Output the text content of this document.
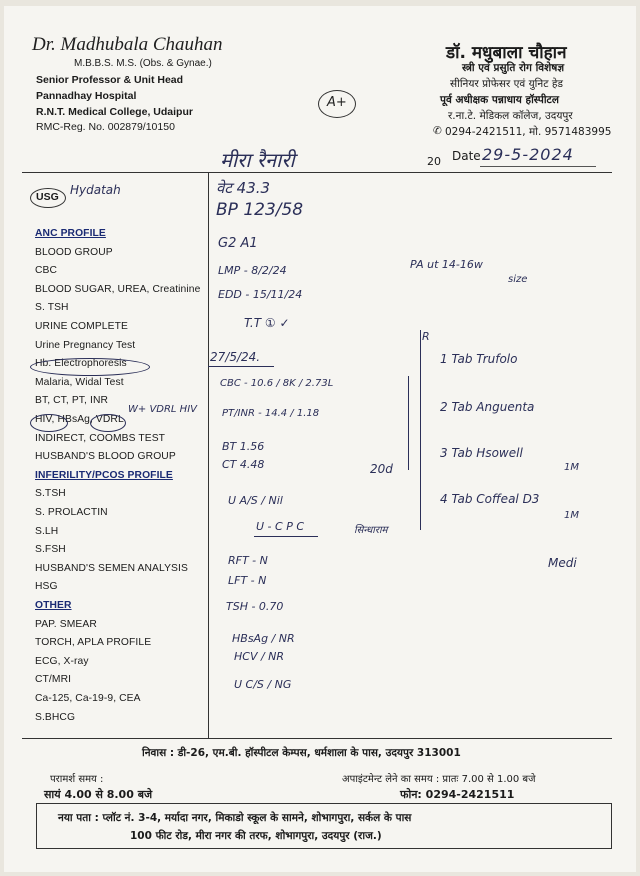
Dr. Madhubala Chauhan
M.B.B.S. M.S. (Obs. & Gynae.)
Senior Professor & Unit Head
Pannadhay Hospital
R.N.T. Medical College, Udaipur
RMC-Reg. No. 002879/10150
डॉ. मधुबाला चौहान
स्त्री एवं प्रसुति रोग विशेषज्ञ
सीनियर प्रोफेसर एवं युनिट हेड
पूर्व अधीक्षक पन्नाधाय हॉस्पीटल
र.ना.टे. मेडिकल कॉलेज, उदयपुर
✆ 0294-2421511, मो. 9571483995
A+
मीरा रैनारी	20 Date 29-5-2024
USG Hydatah
ANC PROFILE
BLOOD GROUP
CBC
BLOOD SUGAR, UREA, Creatinine
S. TSH
URINE COMPLETE
Urine Pregnancy Test
Hb. Electrophoresis
Malaria, Widal Test
BT, CT, PT, INR
HIV, HBsAg, VDRL
INDIRECT, COOMBS TEST
HUSBAND'S BLOOD GROUP
INFERILITY/PCOS PROFILE
S.TSH
S. PROLACTIN
S.LH
S.FSH
HUSBAND'S SEMEN ANALYSIS
HSG
OTHER
PAP. SMEAR
TORCH, APLA PROFILE
ECG, X-ray
CT/MRI
Ca-125, Ca-19-9, CEA
S.BHCG
W+ VDRL HIV
वेट 43.3
BP 123/58
G2 A1
LMP - 8/2/24
EDD - 15/11/24
T.T ① ✓
27/5/24.
CBC - 10.6 / 8K / 2.73L
PT/INR - 14.4 / 1.18
BT 1.56
CT 4.48
U A/S / Nil
U - C P C	सिन्धाराम
RFT - N
LFT - N
TSH - 0.70
HBsAg / NR
HCV / NR
U C/S / NG
20d
PA ut 14-16w
size
R
1 Tab Trufolo
2 Tab Anguenta
3 Tab Hsowell
1M
4 Tab Coffeal D3
1M
Medi
निवास : डी-26, एम.बी. हॉस्पीटल केम्पस, धर्मशाला के पास, उदयपुर 313001
परामर्श समय :
सायं 4.00 से 8.00 बजे
अपाइंटमेन्ट लेने का समय : प्रातः 7.00 से 1.00 बजे
फोन: 0294-2421511
नया पता : प्लॉट नं. 3-4, मर्यादा नगर, मिकाडो स्कूल के सामने, शोभागपुरा, सर्कल के पास
100 फीट रोड, मीरा नगर की तरफ, शोभागपुरा, उदयपुर (राज.)
